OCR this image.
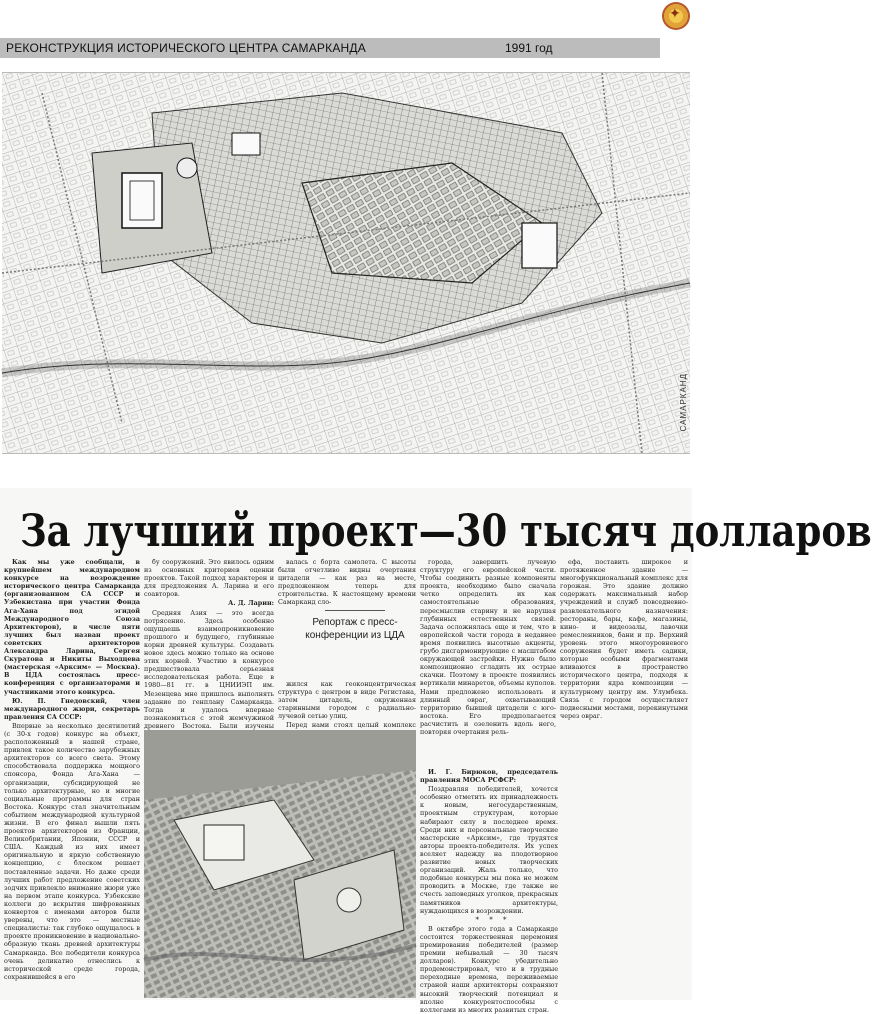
РЕКОНСТРУКЦИЯ ИСТОРИЧЕСКОГО ЦЕНТРА САМАРКАНДА	1991 год
✦
САМАРКАНД
За лучший проект—30 тысяч долларов

Как мы уже сообщали, в крупнейшем международном конкурсе на возрождение исторического центра Самарканда (организованном СА СССР и Узбекистана при участии Фонда Ага-Хана под эгидой Международного Союза Архитекторов), в числе пяти лучших был назван проект советских архитекторов Александра Ларина, Сергея Скуратова и Никиты Выходцева (мастерская «Арксим» — Москва). В ЦДА состоялась пресс-конференция с организаторами и участниками этого конкурса.

Ю. П. Гнедовский, член международного жюри, секретарь правления СА СССР:

Впервые за несколько десятилетий (с 30-х годов) конкурс на объект, расположенный в нашей стране, привлек такое количество зарубежных архитекторов со всего света. Этому способствовала поддержка мощного спонсора, Фонда Ага-Хана — организации, субсидирующей не только архитектурные, но и многие социальные программы для стран Востока. Конкурс стал значительным событием международной культурной жизни. В его финал вышли пять проектов архитекторов из Франции, Великобритании, Японии, СССР и США. Каждый из них имеет оригинальную и яркую собственную концепцию, с блеском решает поставленные задачи. Но даже среди лучших работ предложение советских зодчих привлекло внимание жюри уже на первом этапе конкурса. Узбекские коллеги до вскрытия шифрованных конвертов с именами авторов были уверены, что это — местные специалисты: так глубоко ощущалось в проекте проникновение в национально-образную ткань древней архитектуры Самарканда. Все победители конкурса очень деликатно отнеслись к исторической среде города, сохранившейся в его

бу сооружений. Это явилось одним из основных критериев оценки проектов. Такой подход характерен и для предложения А. Ларина и его соавторов.

А. Д. Ларин:

Средняя Азия — это всегда потрясение. Здесь особенно ощущаешь взаимопроникновение прошлого и будущего, глубинные корни древней культуры. Создавать новое здесь можно только на основе этих корней. Участию в конкурсе предшествовала серьезная исследовательская работа. Еще в 1980—81 гг. в ЦНИИЭП им. Мезенцева мне пришлось выполнять задание по генплану Самарканда. Тогда и удалось впервые познакомиться с этой жемчужиной древнего Востока. Были изучены

валась с борта самолета. С высоты были отчетливо видны очертания цитадели — как раз на месте, предложенном теперь для строительства. К настоящему времени Самарканд сло-

Репортаж с пресс-конференции из ЦДА

жился как геоконцентрическая структура с центром в виде Регистана, затем цитадель, окруженная старинными городом с радиально-лучевой сетью улиц.

Перед нами стоял целый комплекс

города, завершить лучевую структуру его европейской части. Чтобы соединить разные компоненты проекта, необходимо было сначала четко определить их как самостоятельные образования, пересмыслив старину и не нарушая глубинных естественных связей. Задача осложнялась еще и тем, что в европейской части города в недавнее время появились высотные акценты, грубо дисгармонирующие с масштабом окружающей застройки. Нужно было композиционно сгладить их острые скачки. Поэтому в проекте появились вертикали минаретов, объемы куполов. Нами предложено использовать и длинный овраг, охватывающий территорию бывшей цитадели с юго-востока. Его предполагается расчистить и озеленить вдоль него, повторяя очертания рель-

И. Г. Бирюков, председатель правления МОСА РСФСР:

Поздравляя победителей, хочется особенно отметить их принадлежность к новым, негосударственным, проектным структурам, которые набирают силу в последнее время. Среди них и персональные творческие мастерские «Арксим», где трудятся авторы проекта-победителя. Их успех вселяет надежду на плодотворное развитие новых творческих организаций. Жаль только, что подобные конкурсы мы пока не можем проводить в Москве, где также не счесть заповедных уголков, прекрасных памятников архитектуры, нуждающихся в возрождении.

* * *

В октябре этого года в Самарканде состоится торжественная церемония премирования победителей (размер премии небывалый — 30 тысяч долларов). Конкурс убедительно продемонстрировал, что и в трудные переходные времена, переживаемые страной наши архитекторы сохраняют высокий творческий потенциал и вполне конкурентоспособны с коллегами из многих развитых стран.

ефа, поставить широкое и протяженное здание — многофункциональный комплекс для горожан. Это здание должно содержать максимальный набор учреждений и служб повседневно-развлекательного назначения: рестораны, бары, кафе, магазины, кино- и видеозалы, лавочки ремесленников, бани и пр. Верхний уровень этого многоуровневого сооружения будет иметь садики, которые особыми фрагментами вливаются в пространство исторического центра, подходя к территории ядра композиции — культурному центру им. Улумбека. Связь с городом осуществляет подвесными мостами, перекинутыми через овраг.
